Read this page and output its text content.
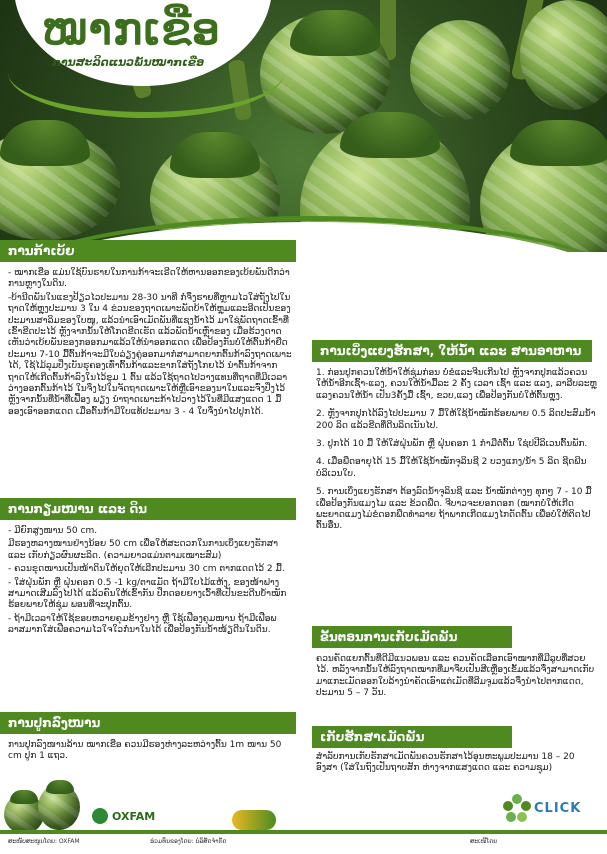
ໝາກເຂືອ
ການສະລິດແນວພັນໝາກເຂືອ
ການກ້າເບ້ຍ

- ໝາກເຂືອ ແມ່ນໃຊ້ບົນຮາຍໃນການກ້າຈະເຣີດໃຫ້ຫານອອກຂອງເບ້ຍພັນດີກວ່າການຫຼາງໃນດິນ.

-ບ້ານີດພັນໃນແຂງປ້ຽວໄວປະມານ 28-30 ນາທີ ກໍ່ຈຶ່ງຮາຍທີ່ຫຼາມໄວໃສ່ຖັງໄປໃນຖາດໃຫ້ຫຼຸງປະມານ 3 ໃນ 4 ຂ່ວນຂອງຖາດເພາະພັດບ້າໃຫ້ຫຼຸມແລະອີດເປັນຂອງປະມານສາລິມຂອງໃບໜູ, ແລ້ວນຳເອົາເມັດພັນທີ່ແຊງນ້ຳໄວ້ ມາໃຊ່ພັດຖາດເຂົ້າທີ່ເຂົ້າຂີດປະໄວ້ ຫຼັງຈາກນັ້ນໃຫ້ໂກດຂີດເຮັດ ແລ້ວພັດນ້ຳເຫຼົ່າຂອງ ເມື່ອຮ້ວງດາດເຫັນວ່າເບ້ຍພັນຂອງກອອກມາແລ້ວໃຫ້ນຳອອກແດດ ເພື່ອປ້ອງກັນບໍ່ໃຫ້ຕົ້ນກ້າຍືດປະມານ 7-10 ມື້ຕົ້ນກ້າຈະມີໃບລ່ຽງຄູ່ອອກມາກໍ່ສາມາດຍາກຕົ້ນກ້າລົງຖາດເພາະໄດ້, ໃຊ້ໄມ້ລຸມປິ່ງເບັນຮຸຄອງເທົ່າຕົ້ນກ້າແລະຂາກໃສ່ຖັງໂກຍໄວ້ ນຳຕົ້ນກ້າຈາກຖາດໃຫ້ເກີດຕົ້ນກ້າລົງໃນໄວ້ຂູມ 1 ຕົ້ນ ແລ້ວໃຊ້ຖາດໄປວາງແທນທີ່ຖາດທີ່ມີເວລາວ່າງອອກຕົ້ນກ້າໄວ້ ໃນຈຶງໄປໃນຈັດຖາດເພາະໃຫ້ຫຼືເອົາຂອງນາໃນແລະຈົ່ງປິ່ງໄວ້ ຫຼັງຈາກນັ້ນທີ່ນ້ຳທີ່ເຟື້ອງ ພຽງ ນຳຖາດເພາະກ້າໄປວາງໄວ້ໃນທີ່ມີແສງແດດ 1 ມື້ອອງເອົາອອກແດດ ເມື່ອຕົ້ນກ້າມີໃບແທ້ປະມານ 3 - 4 ໃບຈຶ່ງນຳໄປປູກໄດ້.

ການກຽມໜານ ແລະ ດິນ

- ມີຍົກສູງໜານ 50 cm.

ມີຮອງຫລາງໜານຢ່າງນ້ອຍ 50 cm ເພື່ອໃຫ້ສະດວກໃນການເບິ່ງແຍງຮັກສາ ແລະ ເກັບກ່ຽວຜົນຜະລິດ. (ຄວາມຍາວແມ່ນຕາມເໝາະສົມ)

- ຄວນຂຸດໜານເປັນໜ້າດິນໃຫ້ຍຸດໃຫ້ເລີກປະມານ 30 cm ຕາກແດດໄວ້ 2 ມື້.

- ໃສ່ຝຸ່ນພັກ ຫຼື ຝຸ່ນຄອກ 0.5 -1 kg/ຕາແມັດ ຖ້າມີໃບໄມ້ແຫ້ງ, ຂອງໜ້າຟາງ ສາມາດເສີມລົງໄປໄດ້ ແລ້ວຄົນໃຫ້ເຂົ້າກັນ ປຶກດອຍຍາງເວົ້າທີ່ເປັນຂະດີນບ້ຳໝັກຮ້ອຍພາຍໃຫ້ຊຸ່ມ ພອນທີ່ຈະປູກຕົ້ນ.

- ຖ້າມີເວລາໃຫ້ໃຊ້ຂອບຫວາຍຄຸມຂ້າງຢາງ ຫຼື ໃຊ້ເຟືອງຄຸມໜານ ຖ້າມີເຟືອພລາສມາກໃສ່ເຟືອຄວາມໄວໃຈໃວກໍ່ນາໃນໄດ້ ເພື່ອປ້ອງກັນນ້ຳໜ້ຽດີນໃນດິນ.

ການປູກລົງໜານ

ການປູກລົງໜານລ້ານ ໝາກເຂືອ ຄວນມີຮອງຫ່າງລະຫວ່າງຕົ້ນ 1m ໜານ 50 cm ປູກ 1 ແຖວ.

ການເບິ່ງແຍງຮັກສາ, ໃຫ້ນ້ຳ ແລະ ສານອາຫານ

1. ກ່ອນປູກຄວນໃຫ້ນ້ຳໃຫ້ຊຸ່ມກ່ອນ ບໍ່ຂໍແລະຈີນເກີນໄປ ຫຼັງຈາກປູກແລ້ວຄວນໃຫ້ນ້ຳອີກເຊົ້າ-ແລງ, ຄວນໃຫ້ນ້ຳມື້ລະ 2 ຄັ້ງ ເວລາ ເຊົ້າ ແລະ ແລງ, ລາລີບລະຫຼຸແລງຄວນໃຫ້ນ້ຳ ເປັນ3ຄັ້ງມື້ ເຊົ້າ, ຂວບ,ແລງ ເພື່ອປ້ອງກັນບໍ່ໃຫ້ຕົ້ນຫຼຸງ.

2. ຫຼັງຈາກປູກໄດ້ລົງໄປປະມານ 7 ມື້ໃຫ້ໃຊ້ນ້ຳໝັກຮ້ອຍພາຍ 0.5 ລິດປະສົມນ້ຳ 200 ລິດ ແລ້ວຂີດທີ່ດີນລິດເນັນໄປ.

3. ປູກໄດ້ 10 ມື້ ໃຫ້ໃສ່ຝຸ່ນພັກ ຫຼື ຝຸ່ນຄອກ 1 ກຳມືຕໍ່ຕົ້ນ ໃຊ່ປປີລິເວນຕົ້ນພັກ.

4. ເມື່ອພືດອາຍຸໄດ້ 15 ມື້ໃຫ້ໃຊ້ນ້ຳໝັກຈຸລິນຊີ 2 ບວງແກງ/ນ້ຳ 5 ລິດ ຊີດພີນບໍລິເວນໃບ.

5. ການເບິ່ງແຍງຮັກສາ ຕ້ອງລົດນ້ຳຈຸລິນຊີ ແລະ ນ້ຳໝັກຕ່າງໆ ທຸກໆ 7 - 10 ມື້ເພື່ອປ້ອງກັນແມງໄມ ແລະ ຂ້ວດພືດ. ຈີບາວຈະຍອກດອກ (ໝາກບໍ່ໃຫ້ເກີດພະຍາດແມງໄມ່ຂໍດອກພືດທຳລາຍ ຖ້າພາກເກີດແມງໄກດັດຕົ້ນ ເພື່ອບໍ່ໃຫ້ຕິດໄປຕົ້ນອື່ນ.

ຂັ້ນຕອນການເກັບເມັດພັນ

ຄວນຄັດແຍກຕົ້ນທີ່ດີມີແນວພອນ ແລະ ຄວນຄັດເລືອກເອົາໝາກທີ່ມີລູບທີ່ສວຍໄວ້. ຫລັງຈາກນັ້ນໃຫ້ລົງຖາດໝາກທີ່ມາຈຶບເປັນສີເຫຼືອງເຂັ້ມແລ້ວຈຶ່ງສາມາດເກັບມາແກະເມັດອອກໃບລ້າງນຳຄັດເອົາແຕ່ເມັດທີ່ລີມຈູມແລ້ວຈຶ່ງນຳໄປຕາກແດດ, ປະມານ 5 – 7 ວັນ.

ເກັບຮັກສາເມັດພັນ

ສຳລັບການເກັບຮັກສາເມັດພັນຄວນຮັກສາໄວ້ອຸນຫະພູມປະມານ 18 – 20 ອົງສາ (ໃສ່ໃນຖົງເປັນຖາບສັກ ຫ່າງຈາກແສງແດດ ແລະ ຄວາມຊຸມ)

ສະໜັບສະໜູນໂດຍ: OXFAM
OXFAM
ຮ່ວມທຶນຂອງໂດຍ: ບໍລິສັດຈຳກັດ	ສະເໜີໂດຍ
CLICK
